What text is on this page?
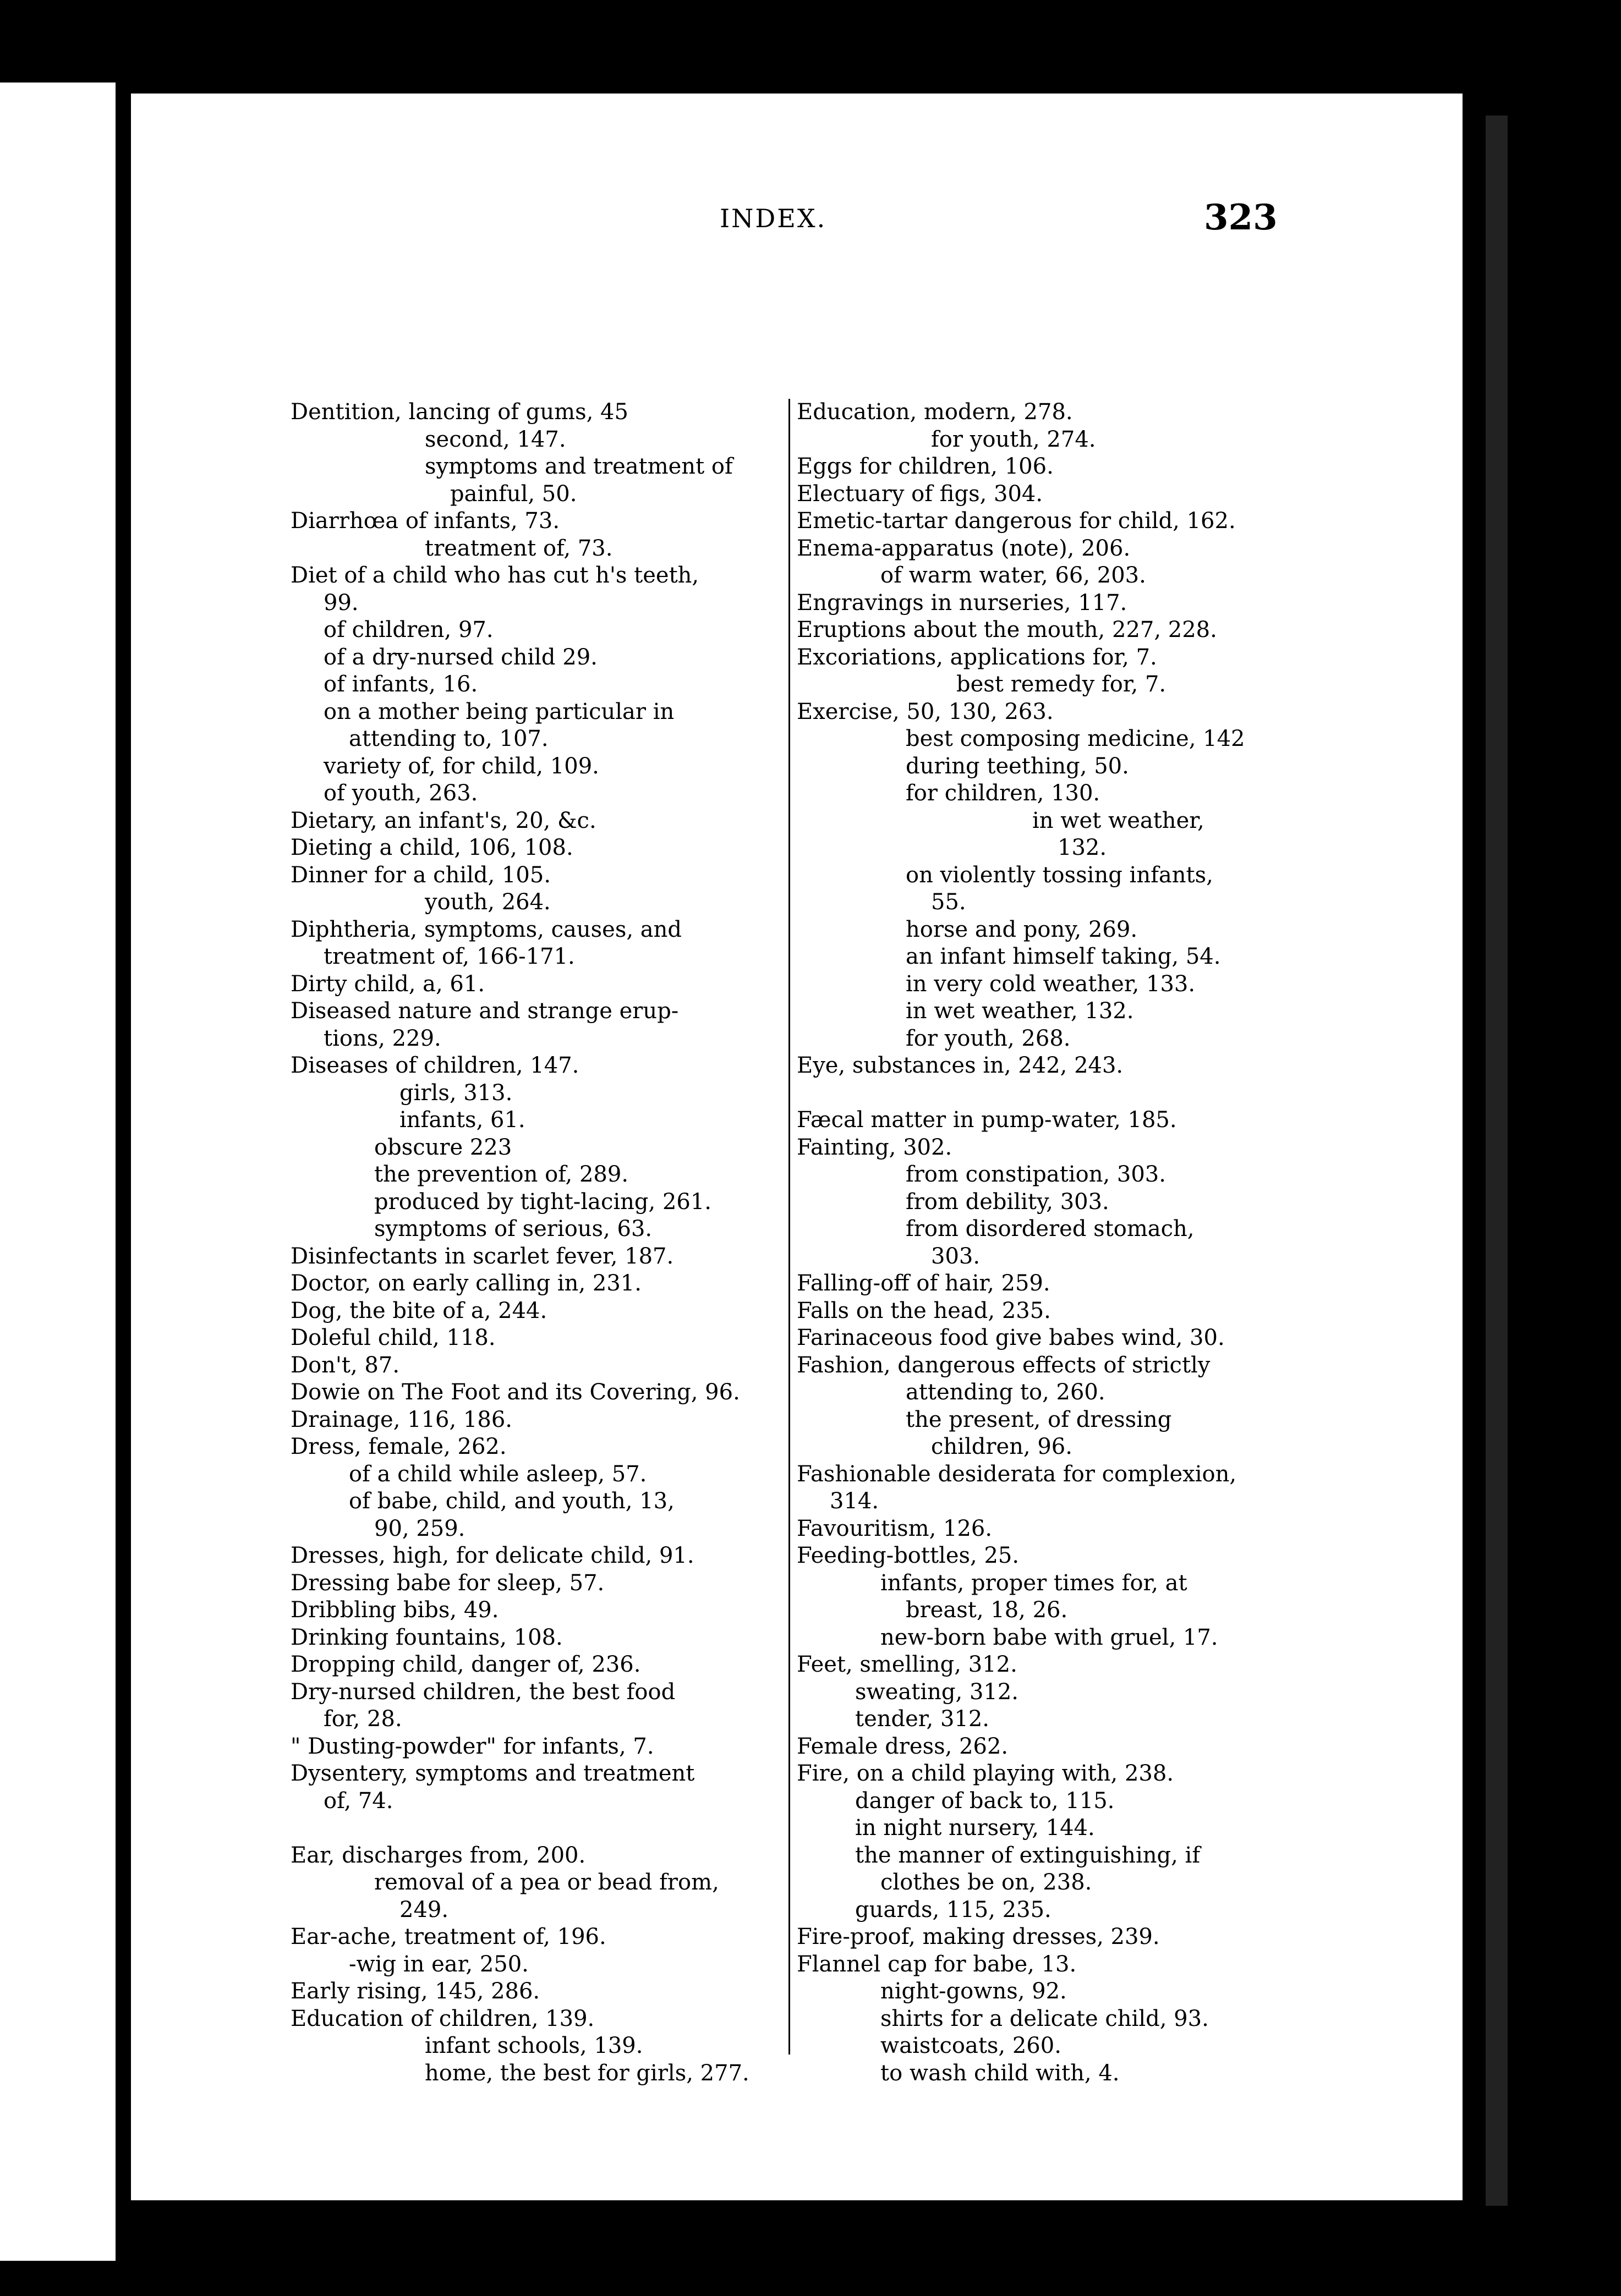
INDEX.	323
Dentition, lancing of gums, 45
second, 147.
symptoms and treatment of
painful, 50.
Diarrhœa of infants, 73.
treatment of, 73.
Diet of a child who has cut h's teeth,
99.
of children, 97.
of a dry-nursed child 29.
of infants, 16.
on a mother being particular in
attending to, 107.
variety of, for child, 109.
of youth, 263.
Dietary, an infant's, 20, &c.
Dieting a child, 106, 108.
Dinner for a child, 105.
youth, 264.
Diphtheria, symptoms, causes, and
treatment of, 166-171.
Dirty child, a, 61.
Diseased nature and strange erup-
tions, 229.
Diseases of children, 147.
girls, 313.
infants, 61.
obscure 223
the prevention of, 289.
produced by tight-lacing, 261.
symptoms of serious, 63.
Disinfectants in scarlet fever, 187.
Doctor, on early calling in, 231.
Dog, the bite of a, 244.
Doleful child, 118.
Don't, 87.
Dowie on The Foot and its Covering, 96.
Drainage, 116, 186.
Dress, female, 262.
of a child while asleep, 57.
of babe, child, and youth, 13,
90, 259.
Dresses, high, for delicate child, 91.
Dressing babe for sleep, 57.
Dribbling bibs, 49.
Drinking fountains, 108.
Dropping child, danger of, 236.
Dry-nursed children, the best food
for, 28.
" Dusting-powder" for infants, 7.
Dysentery, symptoms and treatment
of, 74.

Ear, discharges from, 200.
removal of a pea or bead from,
249.
Ear-ache, treatment of, 196.
-wig in ear, 250.
Early rising, 145, 286.
Education of children, 139.
infant schools, 139.
home, the best for girls, 277.
Education, modern, 278.
for youth, 274.
Eggs for children, 106.
Electuary of figs, 304.
Emetic-tartar dangerous for child, 162.
Enema-apparatus (note), 206.
of warm water, 66, 203.
Engravings in nurseries, 117.
Eruptions about the mouth, 227, 228.
Excoriations, applications for, 7.
best remedy for, 7.
Exercise, 50, 130, 263.
best composing medicine, 142
during teething, 50.
for children, 130.
in wet weather,
132.
on violently tossing infants,
55.
horse and pony, 269.
an infant himself taking, 54.
in very cold weather, 133.
in wet weather, 132.
for youth, 268.
Eye, substances in, 242, 243.

Fæcal matter in pump-water, 185.
Fainting, 302.
from constipation, 303.
from debility, 303.
from disordered stomach,
303.
Falling-off of hair, 259.
Falls on the head, 235.
Farinaceous food give babes wind, 30.
Fashion, dangerous effects of strictly
attending to, 260.
the present, of dressing
children, 96.
Fashionable desiderata for complexion,
314.
Favouritism, 126.
Feeding-bottles, 25.
infants, proper times for, at
breast, 18, 26.
new-born babe with gruel, 17.
Feet, smelling, 312.
sweating, 312.
tender, 312.
Female dress, 262.
Fire, on a child playing with, 238.
danger of back to, 115.
in night nursery, 144.
the manner of extinguishing, if
clothes be on, 238.
guards, 115, 235.
Fire-proof, making dresses, 239.
Flannel cap for babe, 13.
night-gowns, 92.
shirts for a delicate child, 93.
waistcoats, 260.
to wash child with, 4.
